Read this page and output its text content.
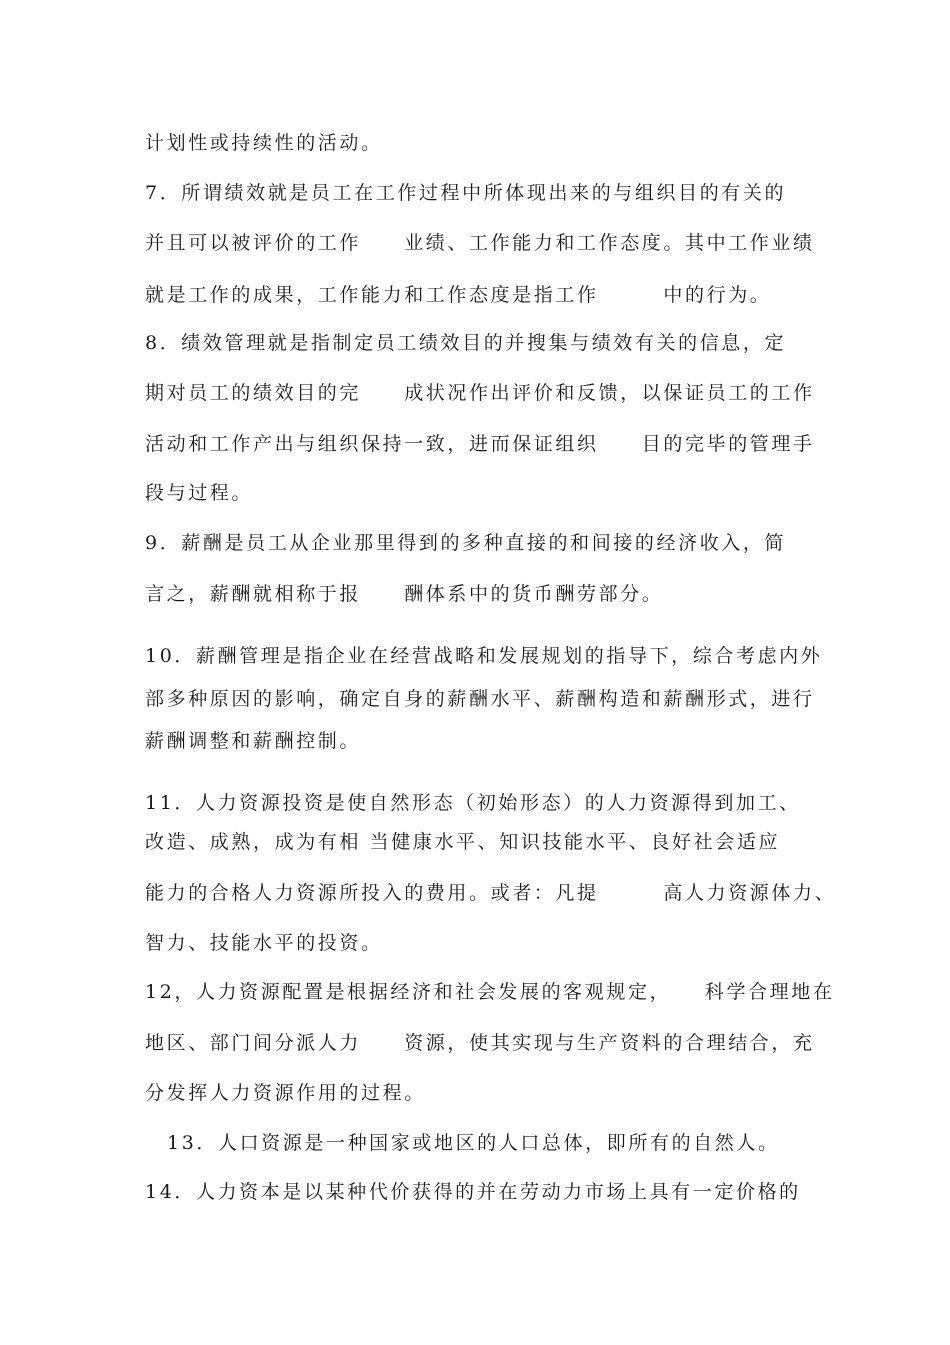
计划性或持续性的活动。
7．所谓绩效就是员工在工作过程中所体现出来的与组织目的有关的
并且可以被评价的工作　　业绩、工作能力和工作态度。其中工作业绩
就是工作的成果，工作能力和工作态度是指工作　　　中的行为。
8．绩效管理就是指制定员工绩效目的并搜集与绩效有关的信息，定
期对员工的绩效目的完　　成状况作出评价和反馈，以保证员工的工作
活动和工作产出与组织保持一致，进而保证组织　　目的完毕的管理手
段与过程。
9．薪酬是员工从企业那里得到的多种直接的和间接的经济收入，简
言之，薪酬就相称于报　　酬体系中的货币酬劳部分。
10．薪酬管理是指企业在经营战略和发展规划的指导下，综合考虑内外
部多种原因的影响，确定自身的薪酬水平、薪酬构造和薪酬形式，进行
薪酬调整和薪酬控制。
11．人力资源投资是使自然形态（初始形态）的人力资源得到加工、
改造、成熟，成为有相 当健康水平、知识技能水平、良好社会适应
能力的合格人力资源所投入的费用。或者：凡提　　　高人力资源体力、
智力、技能水平的投资。
12，人力资源配置是根据经济和社会发展的客观规定，　　科学合理地在
地区、部门间分派人力　　资源，使其实现与生产资料的合理结合，充
分发挥人力资源作用的过程。
13．人口资源是一种国家或地区的人口总体，即所有的自然人。
14．人力资本是以某种代价获得的并在劳动力市场上具有一定价格的
